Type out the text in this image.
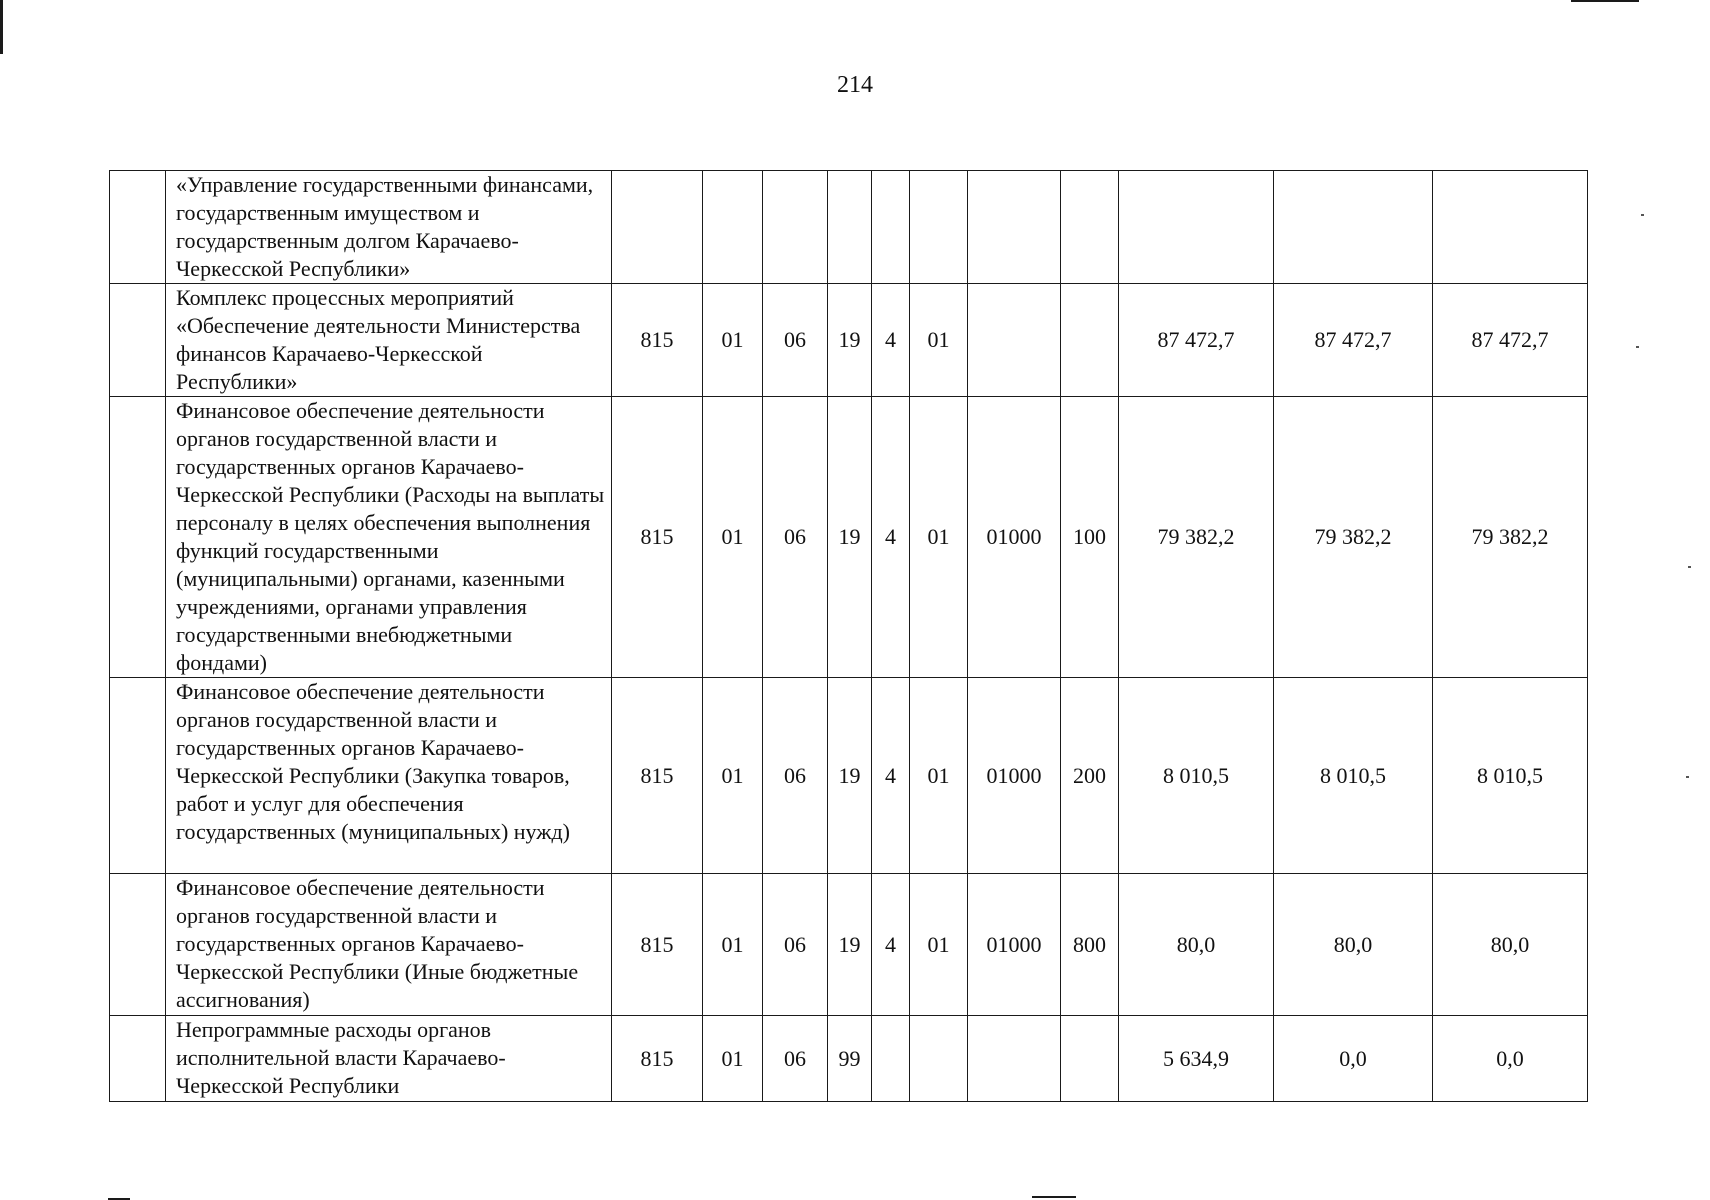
214
	«Управление государственными финансами, государственным имуществом и государственным долгом Карачаево-Черкесской Республики»											
	Комплекс процессных мероприятий «Обеспечение деятельности Министерства финансов Карачаево-Черкесской Республики»	815	01	06	19	4	01			87 472,7	87 472,7	87 472,7
	Финансовое обеспечение деятельности органов государственной власти и государственных органов Карачаево-Черкесской Республики (Расходы на выплаты персоналу в целях обеспечения выполнения функций государственными (муниципальными) органами, казенными учреждениями, органами управления государственными внебюджетными фондами)	815	01	06	19	4	01	01000	100	79 382,2	79 382,2	79 382,2
	Финансовое обеспечение деятельности органов государственной власти и государственных органов Карачаево-Черкесской Республики (Закупка товаров, работ и услуг для обеспечения государственных (муниципальных) нужд)	815	01	06	19	4	01	01000	200	8 010,5	8 010,5	8 010,5
	Финансовое обеспечение деятельности органов государственной власти и государственных органов Карачаево-Черкесской Республики (Иные бюджетные ассигнования)	815	01	06	19	4	01	01000	800	80,0	80,0	80,0
	Непрограммные расходы органов исполнительной власти Карачаево-Черкесской Республики	815	01	06	99					5 634,9	0,0	0,0
